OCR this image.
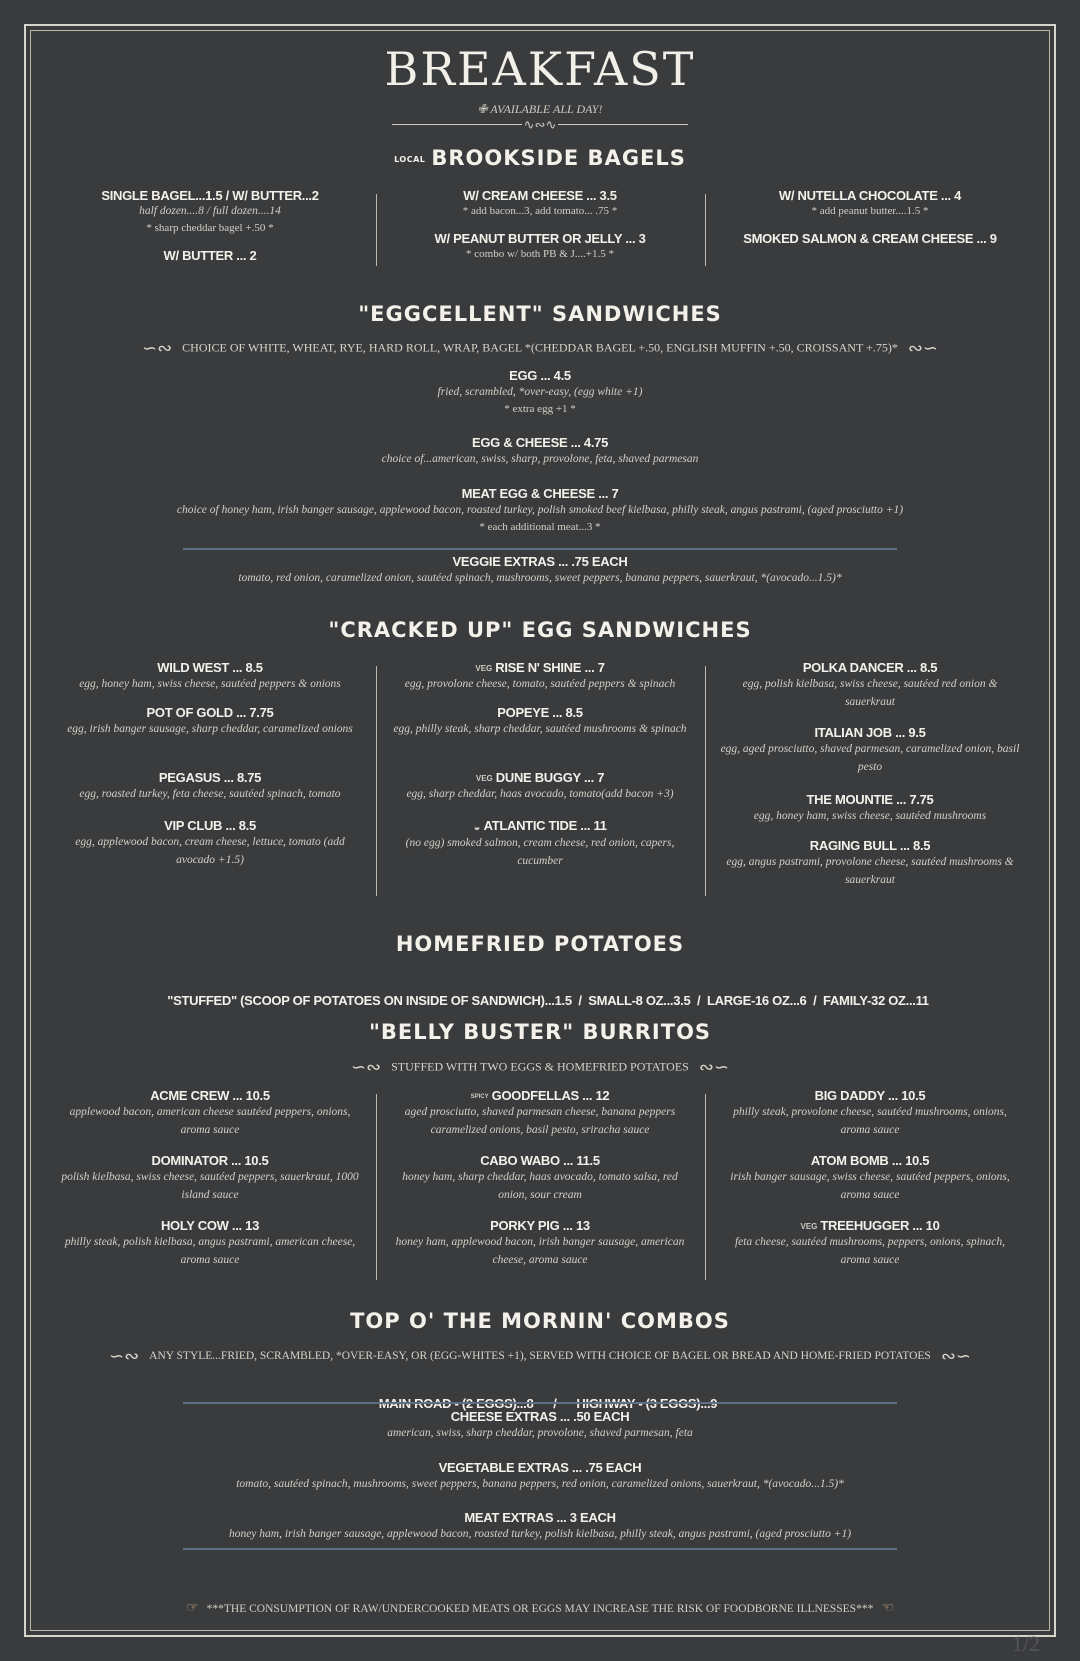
BREAKFAST
✙ AVAILABLE ALL DAY!
∿∾∿
LOCAL BROOKSIDE BAGELS
SINGLE BAGEL...1.5 / W/ BUTTER...2
half dozen....8 / full dozen....14
* sharp cheddar bagel +.50 *
W/ BUTTER ... 2
W/ CREAM CHEESE ... 3.5
* add bacon...3, add tomato... .75 *
W/ PEANUT BUTTER OR JELLY ... 3
* combo w/ both PB & J....+1.5 *
W/ NUTELLA CHOCOLATE ... 4
* add peanut butter....1.5 *
SMOKED SALMON & CREAM CHEESE ... 9
"EGGCELLENT" SANDWICHES
∽∾ CHOICE OF WHITE, WHEAT, RYE, HARD ROLL, WRAP, BAGEL *(CHEDDAR BAGEL +.50, ENGLISH MUFFIN +.50, CROISSANT +.75)* ∾∽
EGG ... 4.5
fried, scrambled, *over-easy, (egg white +1)
* extra egg +1 *
EGG & CHEESE ... 4.75
choice of...american, swiss, sharp, provolone, feta, shaved parmesan
MEAT EGG & CHEESE ... 7
choice of honey ham, irish banger sausage, applewood bacon, roasted turkey, polish smoked beef kielbasa, philly steak, angus pastrami, (aged prosciutto +1)
* each additional meat...3 *
VEGGIE EXTRAS ... .75 EACH
tomato, red onion, caramelized onion, sautéed spinach, mushrooms, sweet peppers, banana peppers, sauerkraut, *(avocado...1.5)*
"CRACKED UP" EGG SANDWICHES
WILD WEST ... 8.5
egg, honey ham, swiss cheese, sautéed peppers & onions
POT OF GOLD ... 7.75
egg, irish banger sausage, sharp cheddar, caramelized onions
PEGASUS ... 8.75
egg, roasted turkey, feta cheese, sautéed spinach, tomato
VIP CLUB ... 8.5
egg, applewood bacon, cream cheese, lettuce, tomato (add avocado +1.5)
VEG RISE N' SHINE ... 7
egg, provolone cheese, tomato, sautéed peppers & spinach
POPEYE ... 8.5
egg, philly steak, sharp cheddar, sautéed mushrooms & spinach
VEG DUNE BUGGY ... 7
egg, sharp cheddar, haas avocado, tomato(add bacon +3)
◒ ATLANTIC TIDE ... 11
(no egg) smoked salmon, cream cheese, red onion, capers, cucumber
POLKA DANCER ... 8.5
egg, polish kielbasa, swiss cheese, sautéed red onion & sauerkraut
ITALIAN JOB ... 9.5
egg, aged prosciutto, shaved parmesan, caramelized onion, basil pesto
THE MOUNTIE ... 7.75
egg, honey ham, swiss cheese, sautéed mushrooms
RAGING BULL ... 8.5
egg, angus pastrami, provolone cheese, sautéed mushrooms & sauerkraut
HOMEFRIED POTATOES

"STUFFED" (SCOOP OF POTATOES ON INSIDE OF SANDWICH)...1.5  /  SMALL-8 OZ...3.5  /  LARGE-16 OZ...6  /  FAMILY-32 OZ...11

"BELLY BUSTER" BURRITOS
∽∾ STUFFED WITH TWO EGGS & HOMEFRIED POTATOES ∾∽
ACME CREW ... 10.5
applewood bacon, american cheese sautéed peppers, onions, aroma sauce
DOMINATOR ... 10.5
polish kielbasa, swiss cheese, sautéed peppers, sauerkraut, 1000 island sauce
HOLY COW ... 13
philly steak, polish kielbasa, angus pastrami, american cheese, aroma sauce
SPICY GOODFELLAS ... 12
aged prosciutto, shaved parmesan cheese, banana peppers caramelized onions, basil pesto, sriracha sauce
CABO WABO ... 11.5
honey ham, sharp cheddar, haas avocado, tomato salsa, red onion, sour cream
PORKY PIG ... 13
honey ham, applewood bacon, irish banger sausage, american cheese, aroma sauce
BIG DADDY ... 10.5
philly steak, provolone cheese, sautéed mushrooms, onions, aroma sauce
ATOM BOMB ... 10.5
irish banger sausage, swiss cheese, sautéed peppers, onions, aroma sauce
VEG TREEHUGGER ... 10
feta cheese, sautéed mushrooms, peppers, onions, spinach, aroma sauce
TOP O' THE MORNIN' COMBOS
∽∾ ANY STYLE...FRIED, SCRAMBLED, *OVER-EASY, OR (EGG-WHITES +1), SERVED WITH CHOICE OF BAGEL OR BREAD AND HOME-FRIED POTATOES ∾∽

CHEESE EXTRAS ... .50 EACH
american, swiss, sharp cheddar, provolone, shaved parmesan, feta
VEGETABLE EXTRAS ... .75 EACH
tomato, sautéed spinach, mushrooms, sweet peppers, banana peppers, red onion, caramelized onions, sauerkraut, *(avocado...1.5)*
MEAT EXTRAS ... 3 EACH
honey ham, irish banger sausage, applewood bacon, roasted turkey, polish kielbasa, philly steak, angus pastrami, (aged prosciutto +1)
☞ ***THE CONSUMPTION OF RAW/UNDERCOOKED MEATS OR EGGS MAY INCREASE THE RISK OF FOODBORNE ILLNESSES*** ☜
1/2
